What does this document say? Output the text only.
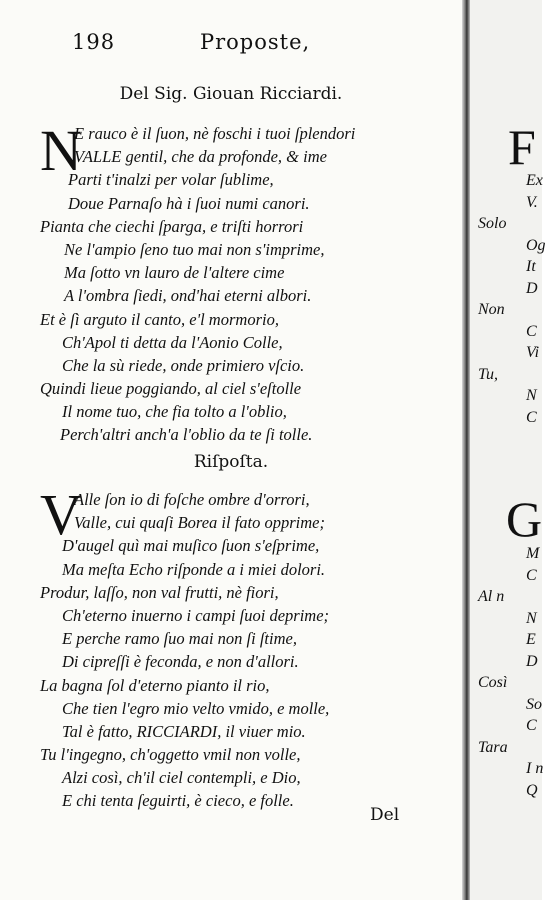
198	Proposte,
Del Sig. Giouan Ricciardi.
N
E rauco è il ſuon, nè foschi i tuoi ſplendori
VALLE gentil, che da profonde, & ime
Parti t'inalzi per volar ſublime,
Doue Parnaſo hà i ſuoi numi canori.
Pianta che ciechi ſparga, e triſti horrori
Ne l'ampio ſeno tuo mai non s'imprime,
Ma ſotto vn lauro de l'altere cime
A l'ombra ſiedi, ond'hai eterni albori.
Et è ſì arguto il canto, e'l mormorio,
Ch'Apol ti detta da l'Aonio Colle,
Che la sù riede, onde primiero vſcio.
Quindi lieue poggiando, al ciel s'eſtolle
Il nome tuo, che fia tolto a l'oblio,
Perch'altri anch'a l'oblio da te ſi tolle.
Riſpoſta.
V
Alle ſon io di foſche ombre d'orrori,
Valle, cui quaſi Borea il fato opprime;
D'augel quì mai muſico ſuon s'eſprime,
Ma meſta Echo riſponde a i miei dolori.
Produr, laſſo, non val frutti, nè fiori,
Ch'eterno inuerno i campi ſuoi deprime;
E perche ramo ſuo mai non ſi ſtime,
Di cipreſſi è feconda, e non d'allori.
La bagna ſol d'eterno pianto il rio,
Che tien l'egro mio velto vmido, e molle,
Tal è fatto, RICCIARDI, il viuer mio.
Tu l'ingegno, ch'oggetto vmil non volle,
Alzi così, ch'il ciel contempli, e Dio,
E chi tenta ſeguirti, è cieco, e folle.
Del
F
Ex
V.
Solo
Og
It
D
Non
C
Vi
Tu,
N
C
G
M
C
Al n
N
E
D
Così
So
C
Tara
I n
Q
